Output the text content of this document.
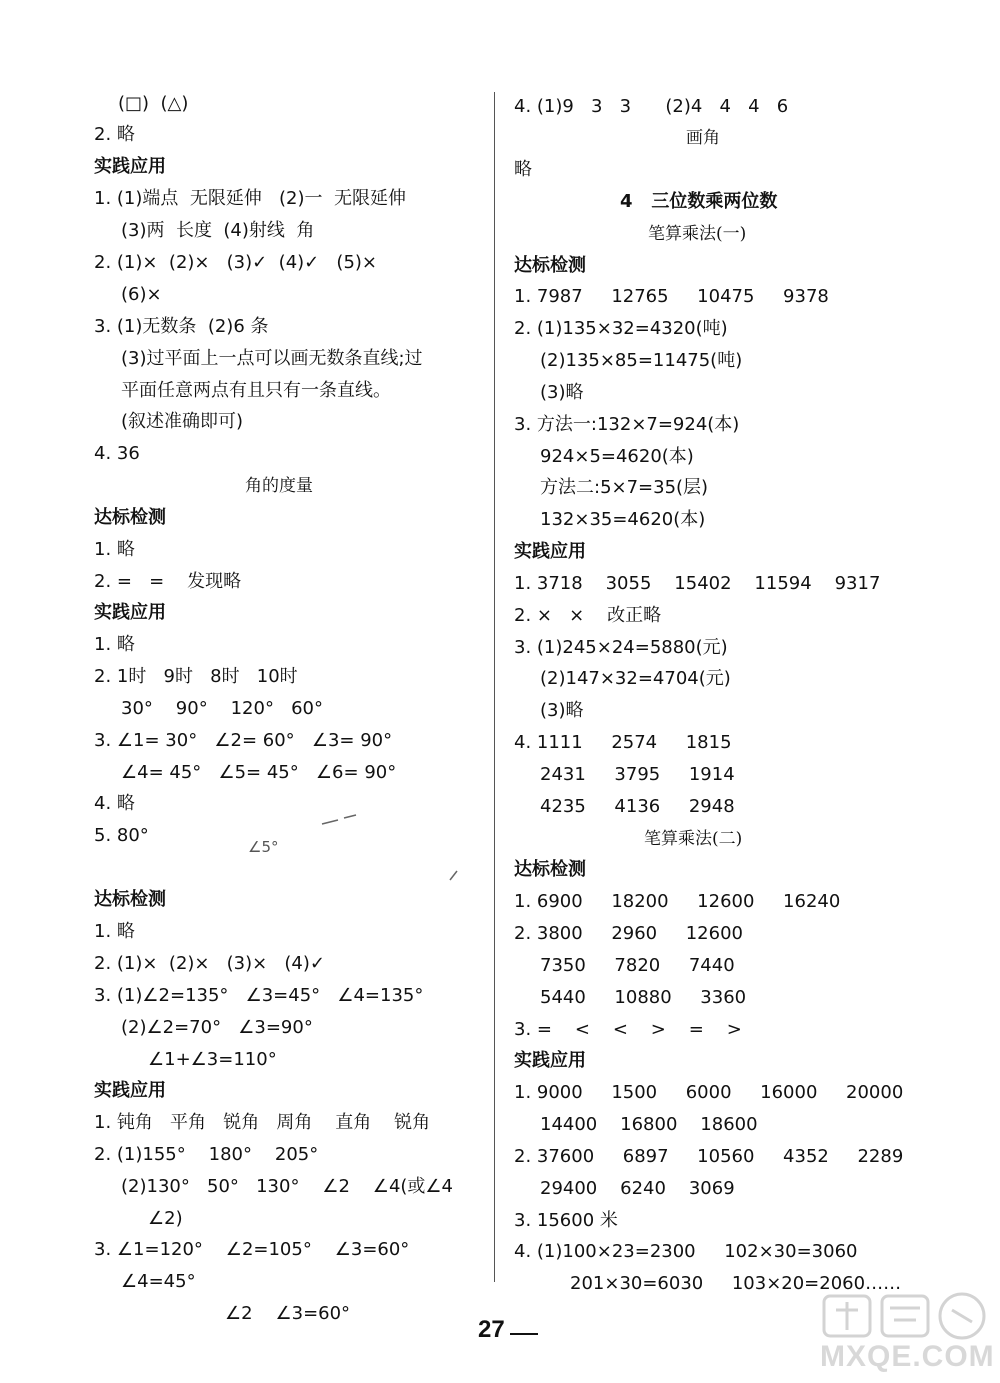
(□)  (△)
2. 略
实践应用
1. (1)端点  无限延伸   (2)一  无限延伸
(3)两  长度  (4)射线  角
2. (1)×  (2)×   (3)✓  (4)✓   (5)×
(6)×
3. (1)无数条  (2)6 条
(3)过平面上一点可以画无数条直线;过
平面任意两点有且只有一条直线。
(叙述准确即可)
4. 36
角的度量
达标检测
1. 略
2. =   =    发现略
实践应用
1. 略
2. 1时   9时   8时   10时
30°    90°    120°   60°
3. ∠1= 30°   ∠2= 60°   ∠3= 90°
∠4= 45°   ∠5= 45°   ∠6= 90°
4. 略
5. 80°
∠5°
达标检测
1. 略
2. (1)×  (2)×   (3)×   (4)✓
3. (1)∠2=135°   ∠3=45°   ∠4=135°
(2)∠2=70°   ∠3=90°
∠1+∠3=110°
实践应用
1. 钝角   平角   锐角   周角    直角    锐角
2. (1)155°    180°    205°
(2)130°   50°   130°    ∠2    ∠4(或∠4
∠2)
3. ∠1=120°    ∠2=105°    ∠3=60°
∠4=45°
∠2    ∠3=60°
4. (1)9   3   3      (2)4   4   4   6
画角
略
4   三位数乘两位数
笔算乘法(一)
达标检测
1. 7987     12765     10475     9378
2. (1)135×32=4320(吨)
(2)135×85=11475(吨)
(3)略
3. 方法一:132×7=924(本)
924×5=4620(本)
方法二:5×7=35(层)
132×35=4620(本)
实践应用
1. 3718    3055    15402    11594    9317
2. ×   ×    改正略
3. (1)245×24=5880(元)
(2)147×32=4704(元)
(3)略
4. 1111     2574     1815
2431     3795     1914
4235     4136     2948
笔算乘法(二)
达标检测
1. 6900     18200     12600     16240
2. 3800     2960     12600
7350     7820     7440
5440     10880     3360
3. =    <    <    >    =    >
实践应用
1. 9000     1500     6000     16000     20000
14400    16800    18600
2. 37600     6897     10560     4352     2289
29400    6240    3069
3. 15600 米
4. (1)100×23=2300     102×30=3060
201×30=6030     103×20=2060……
27
MXQE.COM
